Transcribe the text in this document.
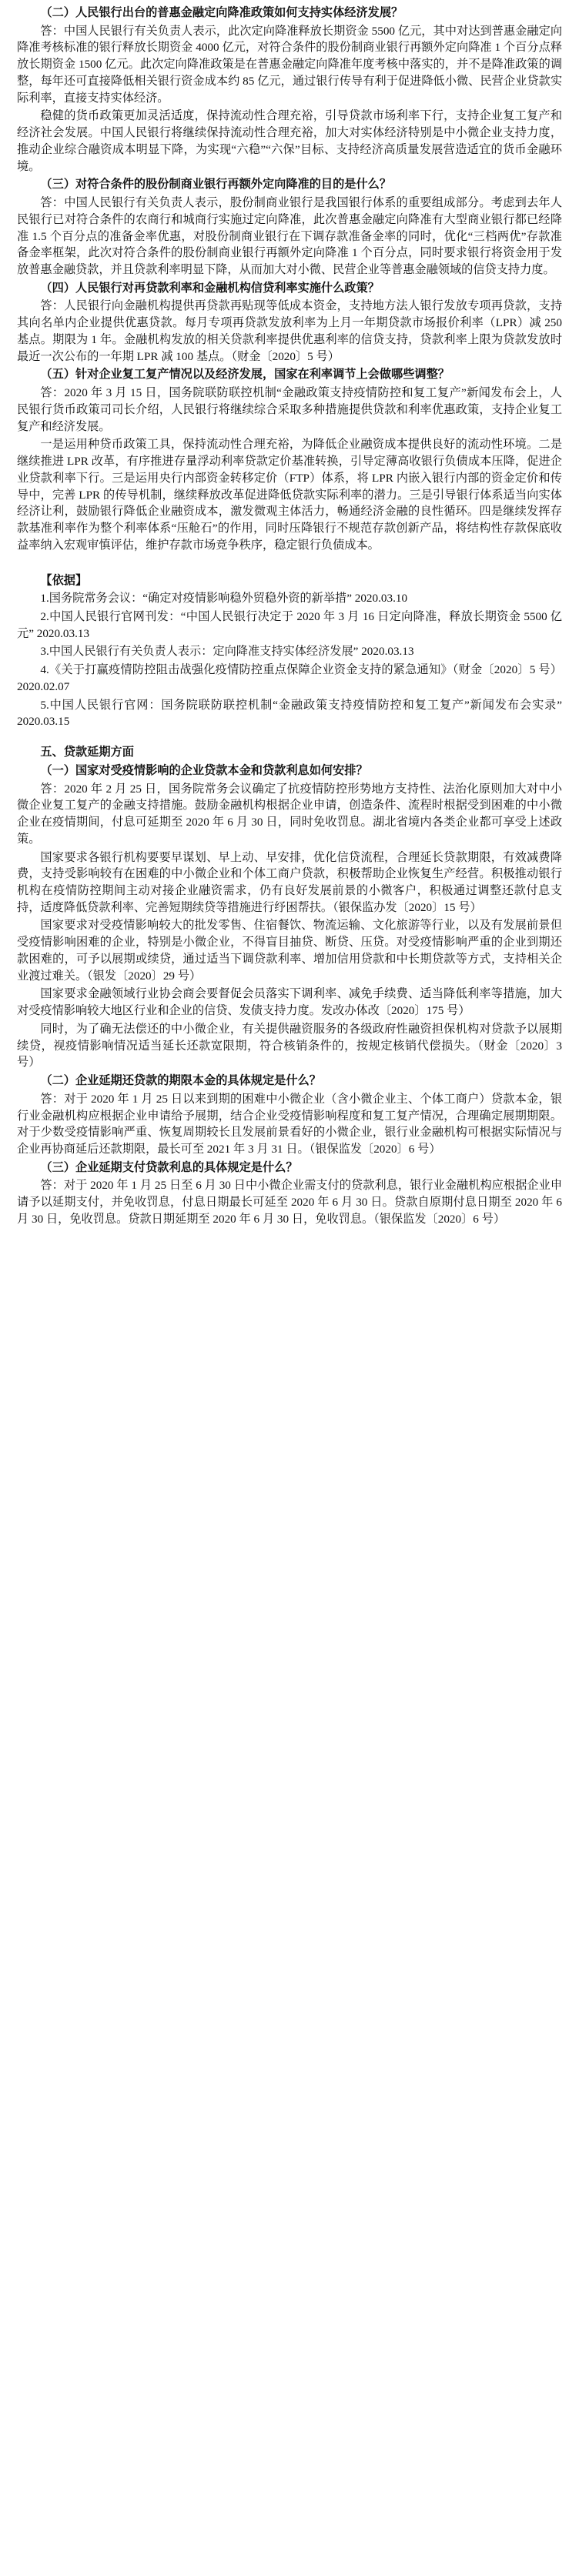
（二）人民银行出台的普惠金融定向降准政策如何支持实体经济发展？

答：中国人民银行有关负责人表示，此次定向降准释放长期资金 5500 亿元，其中对达到普惠金融定向降准考核标准的银行释放长期资金 4000 亿元，对符合条件的股份制商业银行再额外定向降准 1 个百分点释放长期资金 1500 亿元。此次定向降准政策是在普惠金融定向降准年度考核中落实的，并不是降准政策的调整，每年还可直接降低相关银行资金成本约 85 亿元，通过银行传导有利于促进降低小微、民营企业贷款实际利率，直接支持实体经济。

稳健的货币政策更加灵活适度，保持流动性合理充裕，引导贷款市场利率下行，支持企业复工复产和经济社会发展。中国人民银行将继续保持流动性合理充裕，加大对实体经济特别是中小微企业支持力度，推动企业综合融资成本明显下降，为实现“六稳”“六保”目标、支持经济高质量发展营造适宜的货币金融环境。

（三）对符合条件的股份制商业银行再额外定向降准的目的是什么？

答：中国人民银行有关负责人表示，股份制商业银行是我国银行体系的重要组成部分。考虑到去年人民银行已对符合条件的农商行和城商行实施过定向降准，此次普惠金融定向降准有大型商业银行都已经降准 1.5 个百分点的准备金率优惠，对股份制商业银行在下调存款准备金率的同时，优化“三档两优”存款准备金率框架，此次对符合条件的股份制商业银行再额外定向降准 1 个百分点，同时要求银行将资金用于发放普惠金融贷款，并且贷款利率明显下降，从而加大对小微、民营企业等普惠金融领域的信贷支持力度。

（四）人民银行对再贷款利率和金融机构信贷利率实施什么政策？

答：人民银行向金融机构提供再贷款再贴现等低成本资金，支持地方法人银行发放专项再贷款，支持其向名单内企业提供优惠贷款。每月专项再贷款发放利率为上月一年期贷款市场报价利率（LPR）减 250 基点。期限为 1 年。金融机构发放的相关贷款利率提供优惠利率的信贷支持，贷款利率上限为贷款发放时最近一次公布的一年期 LPR 减 100 基点。（财金〔2020〕5 号）

（五）针对企业复工复产情况以及经济发展，国家在利率调节上会做哪些调整？

答：2020 年 3 月 15 日，国务院联防联控机制“金融政策支持疫情防控和复工复产”新闻发布会上，人民银行货币政策司司长介绍，人民银行将继续综合采取多种措施提供贷款和利率优惠政策，支持企业复工复产和经济发展。

一是运用种贷币政策工具，保持流动性合理充裕，为降低企业融资成本提供良好的流动性环境。二是继续推进 LPR 改革，有序推进存量浮动利率贷款定价基准转换，引导定薄高收银行负债成本压降，促进企业贷款利率下行。三是运用央行内部资金转移定价（FTP）体系，将 LPR 内嵌入银行内部的资金定价和传导中，完善 LPR 的传导机制，继续释放改革促进降低贷款实际利率的潜力。三是引导银行体系适当向实体经济让利，鼓励银行降低企业融资成本，激发微观主体活力，畅通经济金融的良性循环。四是继续发挥存款基准利率作为整个利率体系“压舱石”的作用，同时压降银行不规范存款创新产品，将结构性存款保底收益率纳入宏观审慎评估，维护存款市场竞争秩序，稳定银行负债成本。

【依据】

1.国务院常务会议：“确定对疫情影响稳外贸稳外资的新举措” 2020.03.10

2.中国人民银行官网刊发：“中国人民银行决定于 2020 年 3 月 16 日定向降准，释放长期资金 5500 亿元” 2020.03.13

3.中国人民银行有关负责人表示：定向降准支持实体经济发展” 2020.03.13

4.《关于打赢疫情防控阻击战强化疫情防控重点保障企业资金支持的紧急通知》（财金〔2020〕5 号） 2020.02.07

5.中国人民银行官网：国务院联防联控机制“金融政策支持疫情防控和复工复产”新闻发布会实录” 2020.03.15

五、贷款延期方面

（一）国家对受疫情影响的企业贷款本金和贷款利息如何安排？

答：2020 年 2 月 25 日，国务院常务会议确定了抗疫情防控形势地方支持性、法治化原则加大对中小微企业复工复产的金融支持措施。鼓励金融机构根据企业申请，创造条件、流程时根据受到困难的中小微企业在疫情期间，付息可延期至 2020 年 6 月 30 日，同时免收罚息。湖北省境内各类企业都可享受上述政策。

国家要求各银行机构要要早谋划、早上动、早安排，优化信贷流程，合理延长贷款期限，有效减费降费，支持受影响较有在困难的中小微企业和个体工商户贷款，积极帮助企业恢复生产经营。积极推动银行机构在疫情防控期间主动对接企业融资需求，仍有良好发展前景的小微客户，积极通过调整还款付息支持，适度降低贷款利率、完善短期续贷等措施进行纾困帮扶。（银保监办发〔2020〕15 号）

国家要求对受疫情影响较大的批发零售、住宿餐饮、物流运输、文化旅游等行业，以及有发展前景但受疫情影响困难的企业，特别是小微企业，不得盲目抽贷、断贷、压贷。对受疫情影响严重的企业到期还款困难的，可予以展期或续贷，通过适当下调贷款利率、增加信用贷款和中长期贷款等方式，支持相关企业渡过难关。（银发〔2020〕29 号）

国家要求金融领域行业协会商会要督促会员落实下调利率、减免手续费、适当降低利率等措施，加大对受疫情影响较大地区行业和企业的信贷、发债支持力度。发改办体改〔2020〕175 号）

同时，为了确无法偿还的中小微企业，有关提供融资服务的各级政府性融资担保机构对贷款予以展期续贷，视疫情影响情况适当延长还款宽限期，符合核销条件的，按规定核销代偿损失。（财金〔2020〕3 号）

（二）企业延期还贷款的期限本金的具体规定是什么？

答：对于 2020 年 1 月 25 日以来到期的困难中小微企业（含小微企业主、个体工商户）贷款本金，银行业金融机构应根据企业申请给予展期，结合企业受疫情影响程度和复工复产情况，合理确定展期期限。对于少数受疫情影响严重、恢复周期较长且发展前景看好的小微企业，银行业金融机构可根据实际情况与企业再协商延后还款期限，最长可至 2021 年 3 月 31 日。（银保监发〔2020〕6 号）

（三）企业延期支付贷款利息的具体规定是什么？

答：对于 2020 年 1 月 25 日至 6 月 30 日中小微企业需支付的贷款利息，银行业金融机构应根据企业申请予以延期支付，并免收罚息，付息日期最长可延至 2020 年 6 月 30 日。贷款自原期付息日期至 2020 年 6 月 30 日，免收罚息。贷款日期延期至 2020 年 6 月 30 日，免收罚息。（银保监发〔2020〕6 号）
